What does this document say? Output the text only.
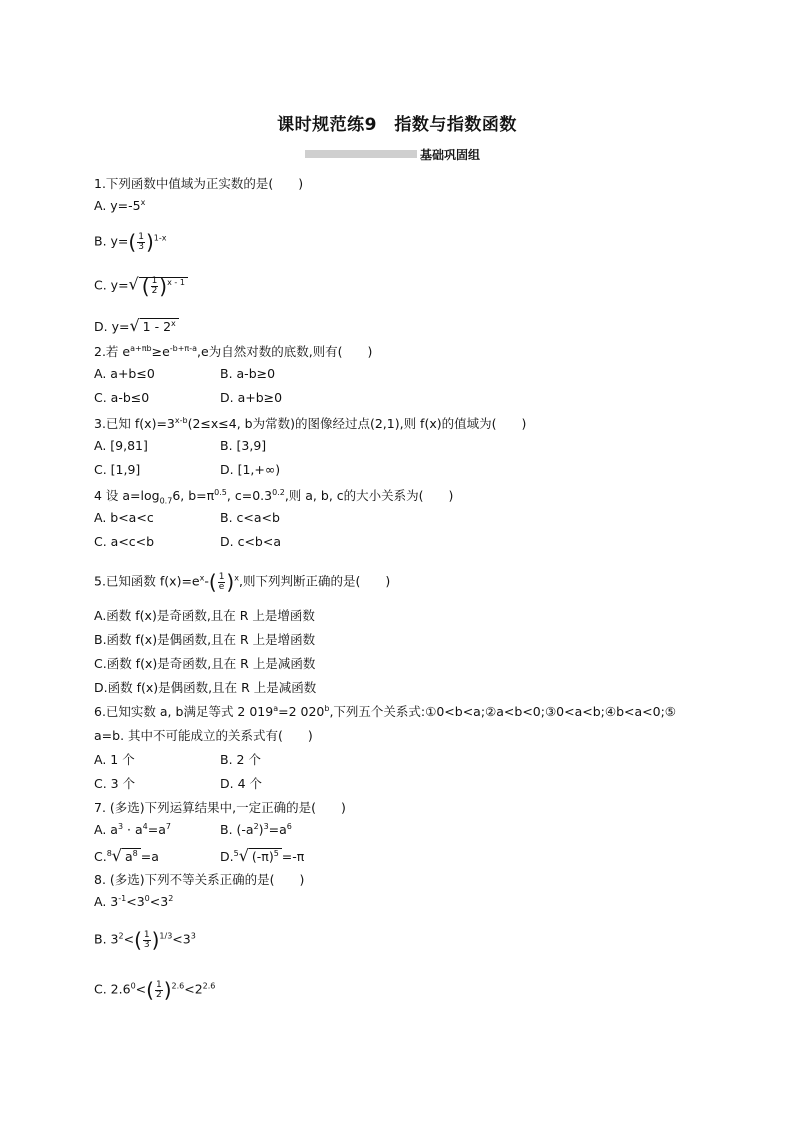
课时规范练9　指数与指数函数
基础巩固组
1.下列函数中值域为正实数的是(　　)
A. $y=-5^x$
B. $y=( \frac{1}{3} )^{1-x}$
C. y=√ ( $\frac{1}{2} )^{x - 1}$
D. y=√ 1 - 2$^x$
2.若 $e^{a+\pi b}\ge e^{-b+\pi-a},e$为自然对数的底数,则有(　　)
A. a+b≤0	B. a-b≥0
C. a-b≤0	D. a+b≥0
3.已知 $f(x)=3^{x-b}(2\le x\le 4$, b为常数)的图像经过点(2,1),则 f(x)的值域为(　　)
A. [9,81]	B. [3,9]
C. [1,9]	D. [1,+∞)
4 设 $a=\log_{0.7}6$, $b=\pi^{0.5}$, $c=0.3^{0.2}$,则 a, b, c的大小关系为(　　)
A. b<a<c	B. c<a<b
C. a<c<b	D. c<b<a
5.已知函数 $f(x)=e^x-( \frac{1}{e} )^x$,则下列判断正确的是(　　)
A.函数 f(x)是奇函数,且在 R 上是增函数
B.函数 f(x)是偶函数,且在 R 上是增函数
C.函数 f(x)是奇函数,且在 R 上是减函数
D.函数 f(x)是偶函数,且在 R 上是减函数
6.已知实数 a, b满足等式 2 $019^a=2$ 020$^b$,下列五个关系式:①0<b<a;②a<b<0;③0<a<b;④b<a<0;⑤
a=b. 其中不可能成立的关系式有(　　)
A. 1 个	B. 2 个
C. 3 个	D. 4 个
7. (多选)下列运算结果中,一定正确的是(　　)
A. $a^3 \cdot a^4=a^7$	B. $(-a^2)^3=a^6$
C.$^8$√ $a^8 =a$	D.$^5$√ $(-\pi)^5 =-\pi$
8. (多选)下列不等关系正确的是(　　)
A. $3^{-1}<3^0<3^2$
B. $3^2<( \frac{1}{3} )^{1/3}<3^3$
C. $2.6^0<( \frac{1}{2} )^{2.6}<2^{2.6}$
